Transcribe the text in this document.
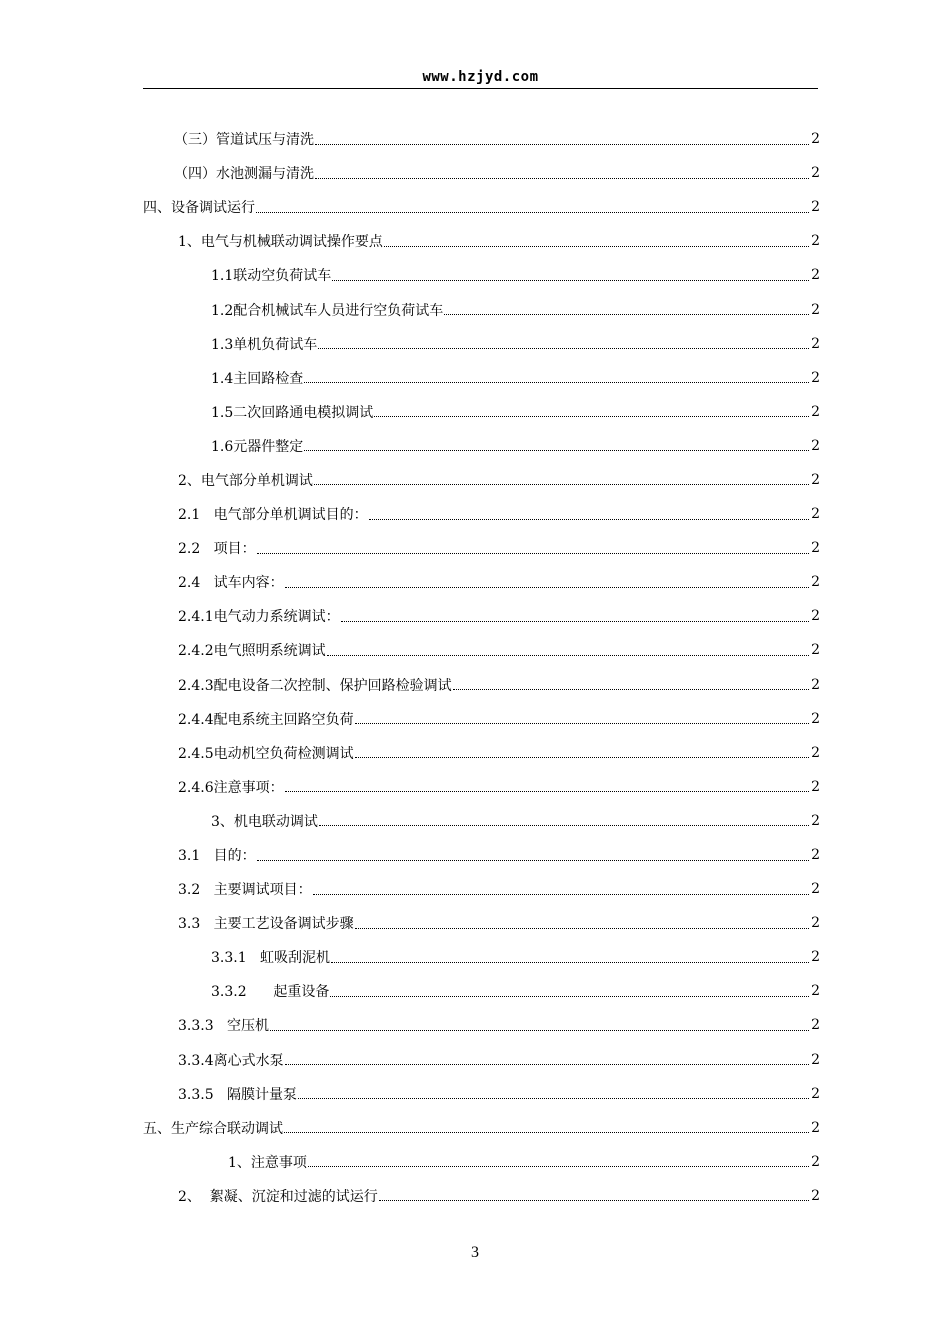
www.hzjyd.com
（三）管道试压与清洗	2
（四）水池测漏与清洗	2
四、设备调试运行	2
1、电气与机械联动调试操作要点	2
1.1联动空负荷试车	2
1.2配合机械试车人员进行空负荷试车	2
1.3单机负荷试车	2
1.4主回路检查	2
1.5二次回路通电模拟调试	2
1.6元器件整定	2
2、电气部分单机调试	2
2.1   电气部分单机调试目的：	2
2.2   项目：	2
2.4   试车内容：	2
2.4.1电气动力系统调试：	2
2.4.2电气照明系统调试	2
2.4.3配电设备二次控制、保护回路检验调试	2
2.4.4配电系统主回路空负荷	2
2.4.5电动机空负荷检测调试	2
2.4.6注意事项：	2
3、机电联动调试	2
3.1   目的：	2
3.2   主要调试项目：	2
3.3   主要工艺设备调试步骤	2
3.3.1   虹吸刮泥机	2
3.3.2      起重设备	2
3.3.3   空压机	2
3.3.4离心式水泵	2
3.3.5   隔膜计量泵	2
五、生产综合联动调试	2
1、注意事项	2
2、  絮凝、沉淀和过滤的试运行	2
3
